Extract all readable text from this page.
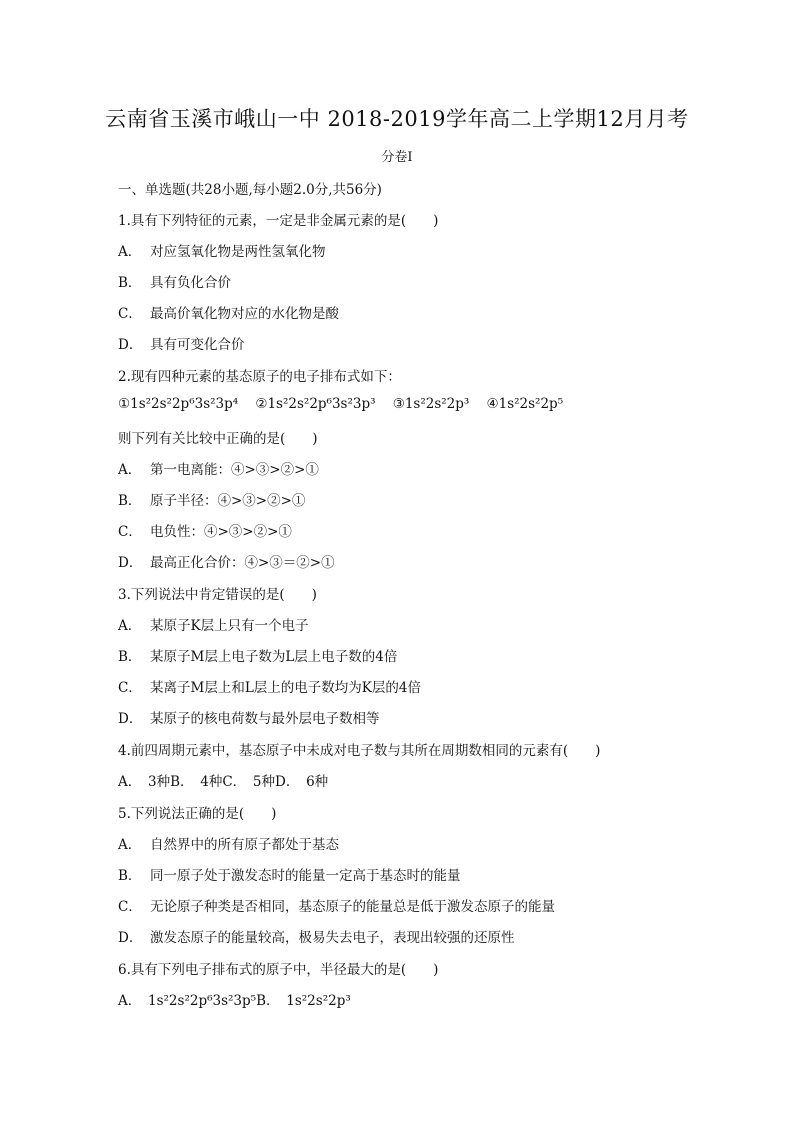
云南省玉溪市峨山一中 2018-2019学年高二上学期12月月考
分卷I
一、单选题(共28小题,每小题2.0分,共56分)
1.具有下列特征的元素，一定是非金属元素的是(　　)
A． 对应氢氧化物是两性氢氧化物
B． 具有负化合价
C． 最高价氧化物对应的水化物是酸
D． 具有可变化合价
2.现有四种元素的基态原子的电子排布式如下：
①1s²2s²2p⁶3s²3p⁴ ②1s²2s²2p⁶3s²3p³ ③1s²2s²2p³ ④1s²2s²2p⁵
则下列有关比较中正确的是(　　)
A． 第一电离能：④>③>②>①
B． 原子半径：④>③>②>①
C． 电负性：④>③>②>①
D． 最高正化合价：④>③＝②>①
3.下列说法中肯定错误的是(　　)
A． 某原子K层上只有一个电子
B． 某原子M层上电子数为L层上电子数的4倍
C． 某离子M层上和L层上的电子数均为K层的4倍
D． 某原子的核电荷数与最外层电子数相等
4.前四周期元素中，基态原子中未成对电子数与其所在周期数相同的元素有(　　)
A．　3种B．　4种C．　5种D．　6种
5.下列说法正确的是(　　)
A． 自然界中的所有原子都处于基态
B． 同一原子处于激发态时的能量一定高于基态时的能量
C． 无论原子种类是否相同，基态原子的能量总是低于激发态原子的能量
D． 激发态原子的能量较高，极易失去电子，表现出较强的还原性
6.具有下列电子排布式的原子中，半径最大的是(　　)
A．　1s²2s²2p⁶3s²3p⁵B．　1s²2s²2p³
